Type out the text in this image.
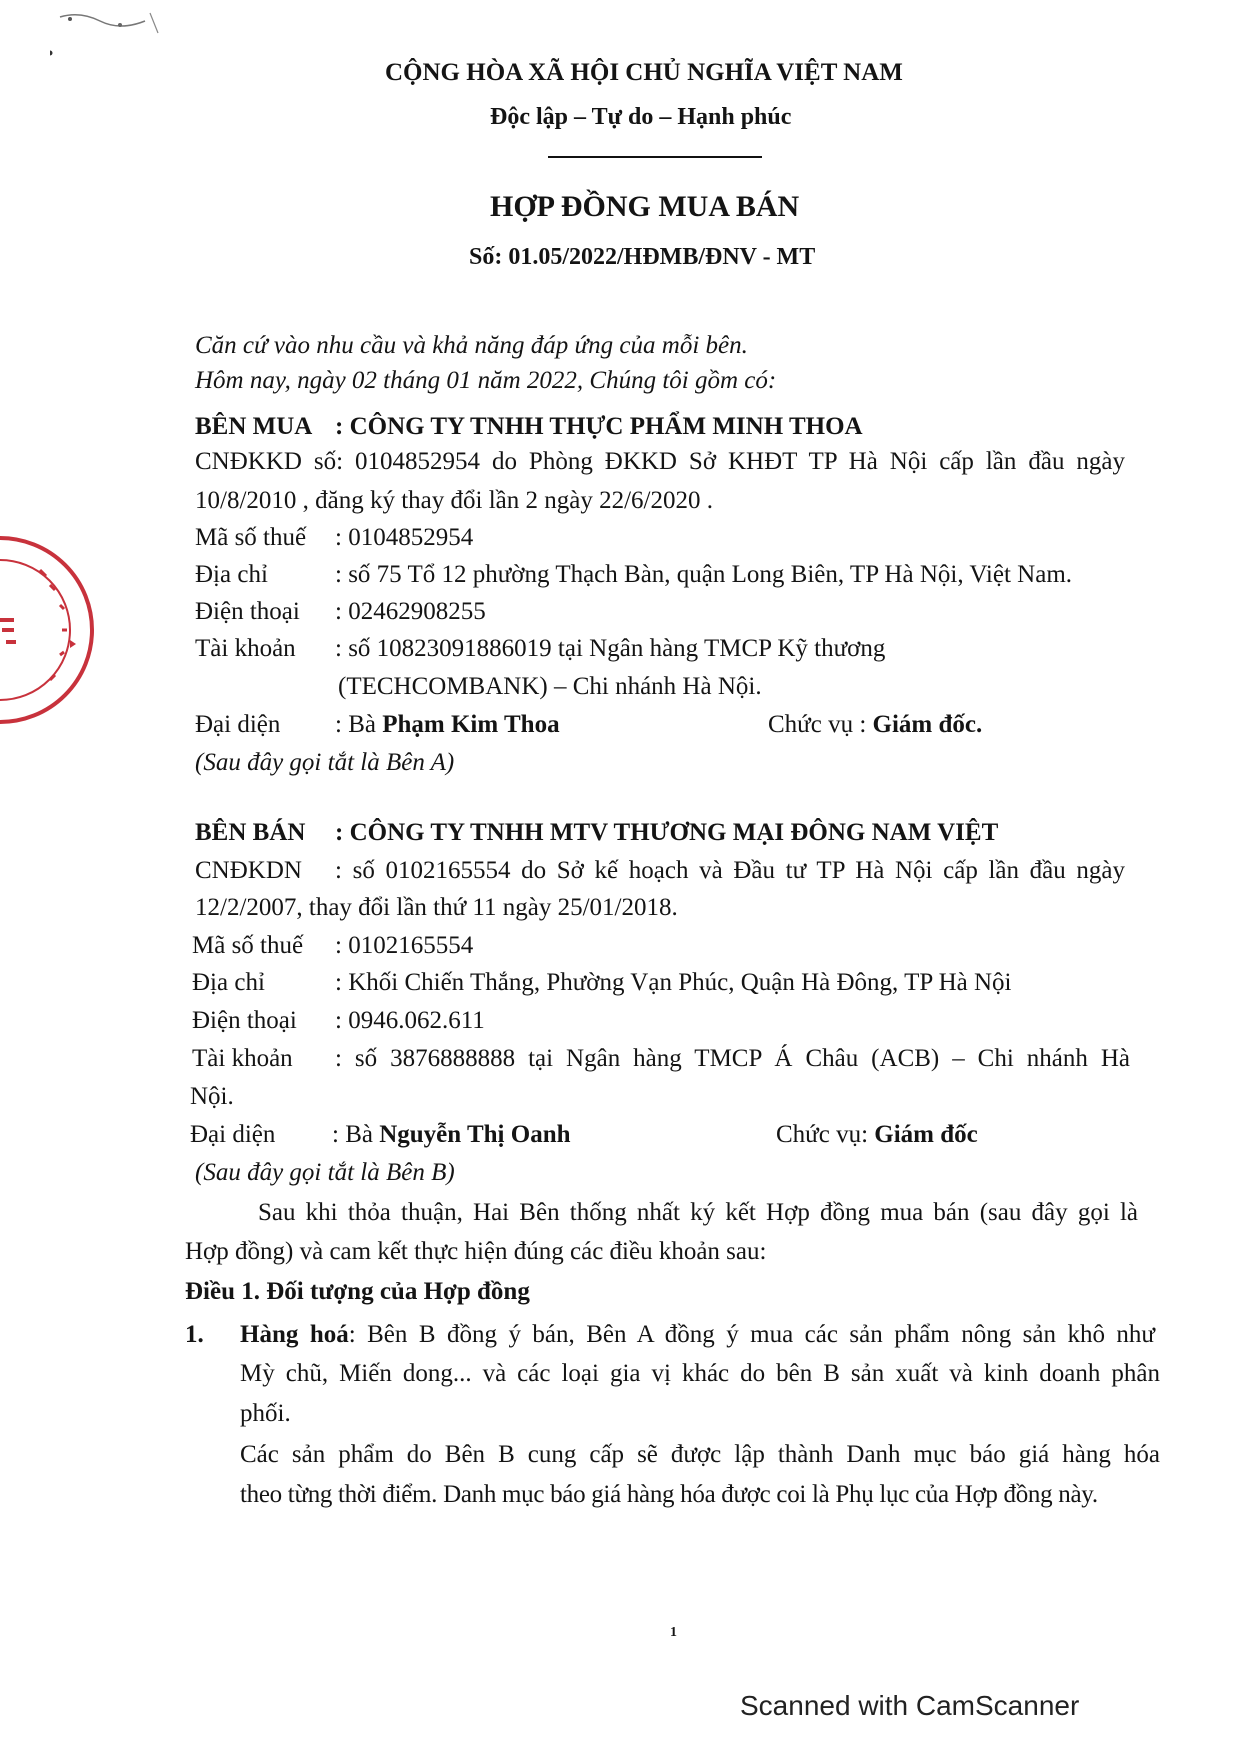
CỘNG HÒA XÃ HỘI CHỦ NGHĨA VIỆT NAM
Độc lập – Tự do – Hạnh phúc
HỢP ĐỒNG MUA BÁN
Số: 01.05/2022/HĐMB/ĐNV - MT
Căn cứ vào nhu cầu và khả năng đáp ứng của mỗi bên.
Hôm nay, ngày 02 tháng 01 năm 2022, Chúng tôi gồm có:
BÊN MUA : CÔNG TY TNHH THỰC PHẨM MINH THOA
CNĐKKD số: 0104852954 do Phòng ĐKKD Sở KHĐT TP Hà Nội cấp lần đầu ngày
10/8/2010 , đăng ký thay đổi lần 2 ngày 22/6/2020 .
Mã số thuế : 0104852954
Địa chỉ	: số 75 Tổ 12 phường Thạch Bàn, quận Long Biên, TP Hà Nội, Việt Nam.
Điện thoại : 02462908255
Tài khoản : số 10823091886019 tại Ngân hàng TMCP Kỹ thương
(TECHCOMBANK) – Chi nhánh Hà Nội.
Đại diện : Bà Phạm Kim Thoa	Chức vụ : Giám đốc.
(Sau đây gọi tắt là Bên A)
BÊN BÁN : CÔNG TY TNHH MTV THƯƠNG MẠI ĐÔNG NAM VIỆT
CNĐKDN : số 0102165554 do Sở kế hoạch và Đầu tư TP Hà Nội cấp lần đầu ngày
12/2/2007, thay đổi lần thứ 11 ngày 25/01/2018.
Mã số thuế : 0102165554
Địa chỉ	: Khối Chiến Thắng, Phường Vạn Phúc, Quận Hà Đông, TP Hà Nội
Điện thoại : 0946.062.611
Tài khoản : số 3876888888 tại Ngân hàng TMCP Á Châu (ACB) – Chi nhánh Hà
Nội.
Đại diện : Bà Nguyễn Thị Oanh	Chức vụ: Giám đốc
(Sau đây gọi tắt là Bên B)
Sau khi thỏa thuận, Hai Bên thống nhất ký kết Hợp đồng mua bán (sau đây gọi là
Hợp đồng) và cam kết thực hiện đúng các điều khoản sau:
Điều 1. Đối tượng của Hợp đồng
1. Hàng hoá: Bên B đồng ý bán, Bên A đồng ý mua các sản phẩm nông sản khô như
Mỳ chũ, Miến dong... và các loại gia vị khác do bên B sản xuất và kinh doanh phân
phối.
Các sản phẩm do Bên B cung cấp sẽ được lập thành Danh mục báo giá hàng hóa
theo từng thời điểm. Danh mục báo giá hàng hóa được coi là Phụ lục của Hợp đồng này.
1
Scanned with CamScanner
